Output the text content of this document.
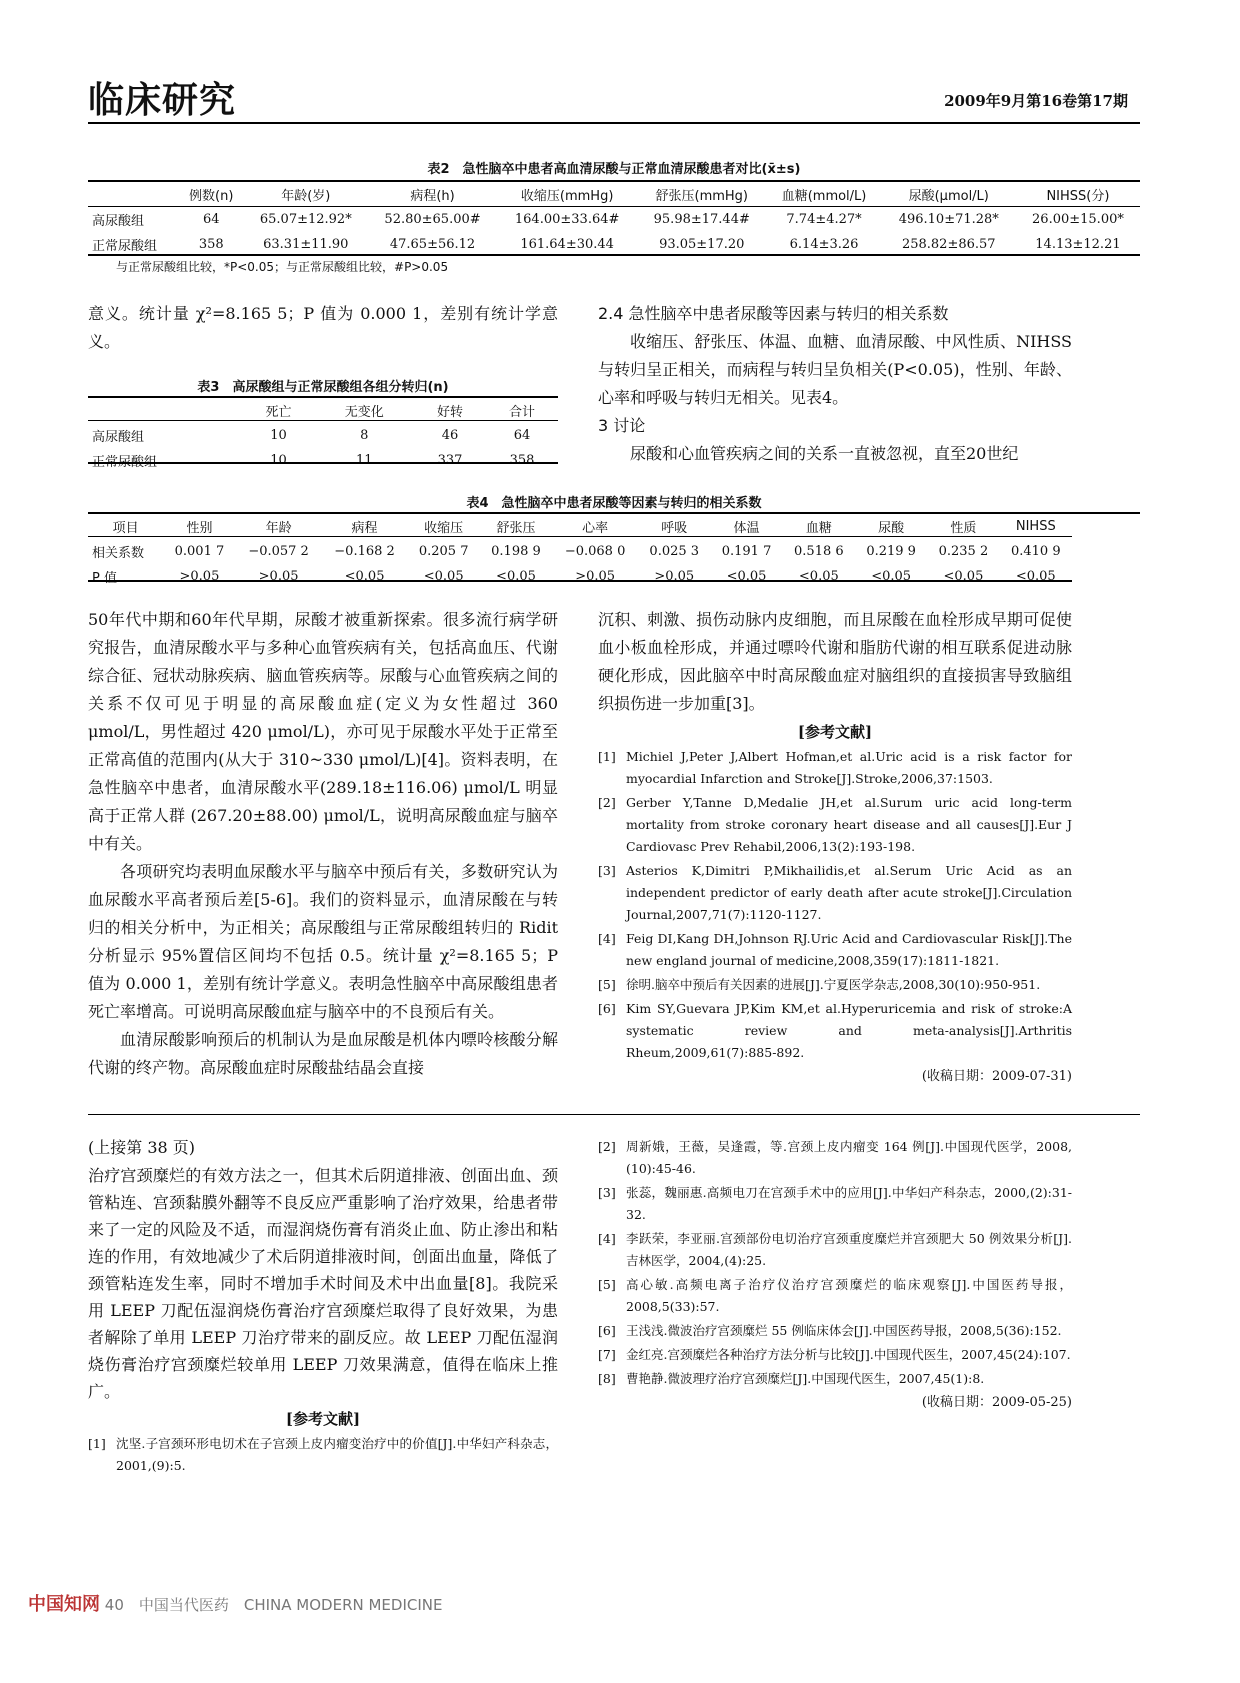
临床研究	2009年9月第16卷第17期
表2　急性脑卒中患者高血清尿酸与正常血清尿酸患者对比(x̄±s)
	例数(n)	年龄(岁)	病程(h)	收缩压(mmHg)	舒张压(mmHg)	血糖(mmol/L)	尿酸(μmol/L)	NIHSS(分)
高尿酸组	64	65.07±12.92*	52.80±65.00#	164.00±33.64#	95.98±17.44#	7.74±4.27*	496.10±71.28*	26.00±15.00*
正常尿酸组	358	63.31±11.90	47.65±56.12	161.64±30.44	93.05±17.20	6.14±3.26	258.82±86.57	14.13±12.21
与正常尿酸组比较，*P<0.05；与正常尿酸组比较，#P>0.05

意义。统计量 χ²=8.165 5；P 值为 0.000 1，差别有统计学意义。

表3　高尿酸组与正常尿酸组各组分转归(n)
	死亡	无变化	好转	合计
高尿酸组	10	8	46	64
正常尿酸组	10	11	337	358

2.4 急性脑卒中患者尿酸等因素与转归的相关系数

收缩压、舒张压、体温、血糖、血清尿酸、中风性质、NIHSS与转归呈正相关，而病程与转归呈负相关(P<0.05)，性别、年龄、心率和呼吸与转归无相关。见表4。

3 讨论

尿酸和心血管疾病之间的关系一直被忽视，直至20世纪

表4　急性脑卒中患者尿酸等因素与转归的相关系数
项目	性别	年龄	病程	收缩压	舒张压	心率	呼吸	体温	血糖	尿酸	性质	NIHSS
相关系数	0.001 7	−0.057 2	−0.168 2	0.205 7	0.198 9	−0.068 0	0.025 3	0.191 7	0.518 6	0.219 9	0.235 2	0.410 9
P 值	>0.05	>0.05	<0.05	<0.05	<0.05	>0.05	>0.05	<0.05	<0.05	<0.05	<0.05	<0.05

50年代中期和60年代早期，尿酸才被重新探索。很多流行病学研究报告，血清尿酸水平与多种心血管疾病有关，包括高血压、代谢综合征、冠状动脉疾病、脑血管疾病等。尿酸与心血管疾病之间的关系不仅可见于明显的高尿酸血症(定义为女性超过 360 μmol/L，男性超过 420 μmol/L)，亦可见于尿酸水平处于正常至正常高值的范围内(从大于 310~330 μmol/L)[4]。资料表明，在急性脑卒中患者，血清尿酸水平(289.18±116.06) μmol/L 明显高于正常人群 (267.20±88.00) μmol/L，说明高尿酸血症与脑卒中有关。

各项研究均表明血尿酸水平与脑卒中预后有关，多数研究认为血尿酸水平高者预后差[5-6]。我们的资料显示，血清尿酸在与转归的相关分析中，为正相关；高尿酸组与正常尿酸组转归的 Ridit 分析显示 95%置信区间均不包括 0.5。统计量 χ²=8.165 5；P 值为 0.000 1，差别有统计学意义。表明急性脑卒中高尿酸组患者死亡率增高。可说明高尿酸血症与脑卒中的不良预后有关。

血清尿酸影响预后的机制认为是血尿酸是机体内嘌呤核酸分解代谢的终产物。高尿酸血症时尿酸盐结晶会直接

沉积、刺激、损伤动脉内皮细胞，而且尿酸在血栓形成早期可促使血小板血栓形成，并通过嘌呤代谢和脂肪代谢的相互联系促进动脉硬化形成，因此脑卒中时高尿酸血症对脑组织的直接损害导致脑组织损伤进一步加重[3]。

[参考文献]

[1] Michiel J,Peter J,Albert Hofman,et al.Uric acid is a risk factor for myocardial Infarction and Stroke[J].Stroke,2006,37:1503.

[2] Gerber Y,Tanne D,Medalie JH,et al.Surum uric acid long-term mortality from stroke coronary heart disease and all causes[J].Eur J Cardiovasc Prev Rehabil,2006,13(2):193-198.

[3] Asterios K,Dimitri P,Mikhailidis,et al.Serum Uric Acid as an independent predictor of early death after acute stroke[J].Circulation Journal,2007,71(7):1120-1127.

[4] Feig DI,Kang DH,Johnson RJ.Uric Acid and Cardiovascular Risk[J].The new england journal of medicine,2008,359(17):1811-1821.

[5] 徐明.脑卒中预后有关因素的进展[J].宁夏医学杂志,2008,30(10):950-951.

[6] Kim SY,Guevara JP,Kim KM,et al.Hyperuricemia and risk of stroke:A systematic review and meta-analysis[J].Arthritis Rheum,2009,61(7):885-892.

(收稿日期：2009-07-31)

(上接第 38 页)

治疗宫颈糜烂的有效方法之一，但其术后阴道排液、创面出血、颈管粘连、宫颈黏膜外翻等不良反应严重影响了治疗效果，给患者带来了一定的风险及不适，而湿润烧伤膏有消炎止血、防止渗出和粘连的作用，有效地减少了术后阴道排液时间，创面出血量，降低了颈管粘连发生率，同时不增加手术时间及术中出血量[8]。我院采用 LEEP 刀配伍湿润烧伤膏治疗宫颈糜烂取得了良好效果，为患者解除了单用 LEEP 刀治疗带来的副反应。故 LEEP 刀配伍湿润烧伤膏治疗宫颈糜烂较单用 LEEP 刀效果满意，值得在临床上推广。

[参考文献]

[1] 沈坚.子宫颈环形电切术在子宫颈上皮内瘤变治疗中的价值[J].中华妇产科杂志，2001,(9):5.

[2] 周新娥，王薇，吴逢霞，等.宫颈上皮内瘤变 164 例[J].中国现代医学，2008,(10):45-46.

[3] 张蕊，魏丽惠.高频电刀在宫颈手术中的应用[J].中华妇产科杂志，2000,(2):31-32.

[4] 李跃荣，李亚丽.宫颈部份电切治疗宫颈重度糜烂并宫颈肥大 50 例效果分析[J].吉林医学，2004,(4):25.

[5] 高心敏.高频电离子治疗仪治疗宫颈糜烂的临床观察[J].中国医药导报，2008,5(33):57.

[6] 王浅浅.微波治疗宫颈糜烂 55 例临床体会[J].中国医药导报，2008,5(36):152.

[7] 金红亮.宫颈糜烂各种治疗方法分析与比较[J].中国现代医生，2007,45(24):107.

[8] 曹艳静.微波理疗治疗宫颈糜烂[J].中国现代医生，2007,45(1):8.

(收稿日期：2009-05-25)

中国知网 40　中国当代医药　CHINA MODERN MEDICINE
